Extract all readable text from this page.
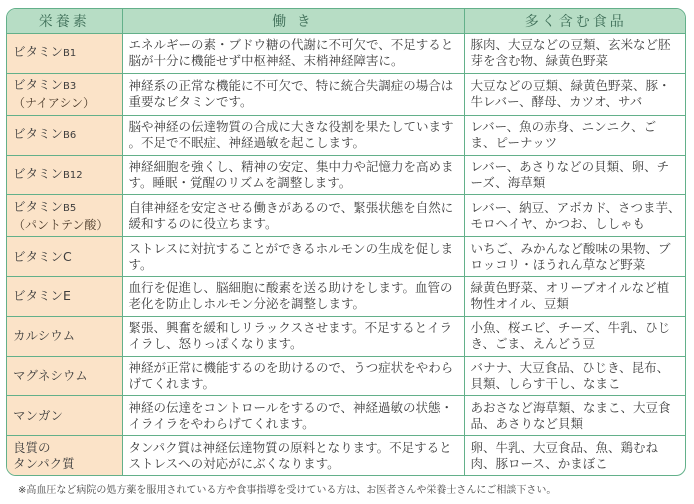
栄養素	働 き	多く含む食品
ビタミンB1	エネルギーの素・ブドウ糖の代謝に不可欠で、不足すると脳が十分に機能せず中枢神経、末梢神経障害に。	豚肉、大豆などの豆類、玄米など胚芽を含む物、緑黄色野菜
ビタミンB3
（ナイアシン）	神経系の正常な機能に不可欠で、特に統合失調症の場合は重要なビタミンです。	大豆などの豆類、緑黄色野菜、豚・牛レバー、酵母、カツオ、サバ
ビタミンB6	脳や神経の伝達物質の合成に大きな役割を果たしています 。不足で不眠症、神経過敏を起こします。	レバー、魚の赤身、ニンニク、ごま、ピーナッツ
ビタミンB12	神経細胞を強くし、精神の安定、集中力や記憶力を高めます。睡眠・覚醒のリズムを調整します。	レバー、あさりなどの貝類、卵、チーズ、海草類
ビタミンB5
（パントテン酸）	自律神経を安定させる働きがあるので、緊張状態を自然に緩和するのに役立ちます。	レバー、納豆、アボカド、さつま芋、モロヘイヤ、かつお、ししゃも
ビタミンC	ストレスに対抗することができるホルモンの生成を促します。	いちご、みかんなど酸味の果物、ブロッコリ・ほうれん草など野菜
ビタミンE	血行を促進し、脳細胞に酸素を送る助けをします。血管の老化を防止しホルモン分泌を調整します。	緑黄色野菜、オリーブオイルなど植物性オイル、豆類
カルシウム	緊張、興奮を緩和しリラックスさせます。不足するとイライラし、怒りっぽくなります。	小魚、桜エビ、チーズ、牛乳、ひじき、ごま、えんどう豆
マグネシウム	神経が正常に機能するのを助けるので、うつ症状をやわらげてくれます。	バナナ、大豆食品、ひじき、昆布、貝類、しらす干し、なまこ
マンガン	神経の伝達をコントロールをするので、神経過敏の状態・イライラをやわらげてくれます。	あおさなど海草類、なまこ、大豆食品、あさりなど貝類
良質の
タンパク質	タンパク質は神経伝達物質の原料となります。不足するとストレスへの対応がにぶくなります。	卵、牛乳、大豆食品、魚、鶏むね肉、豚ロース、かまぼこ
※高血圧など病院の処方薬を服用されている方や食事指導を受けている方は、お医者さんや栄養士さんにご相談下さい。
